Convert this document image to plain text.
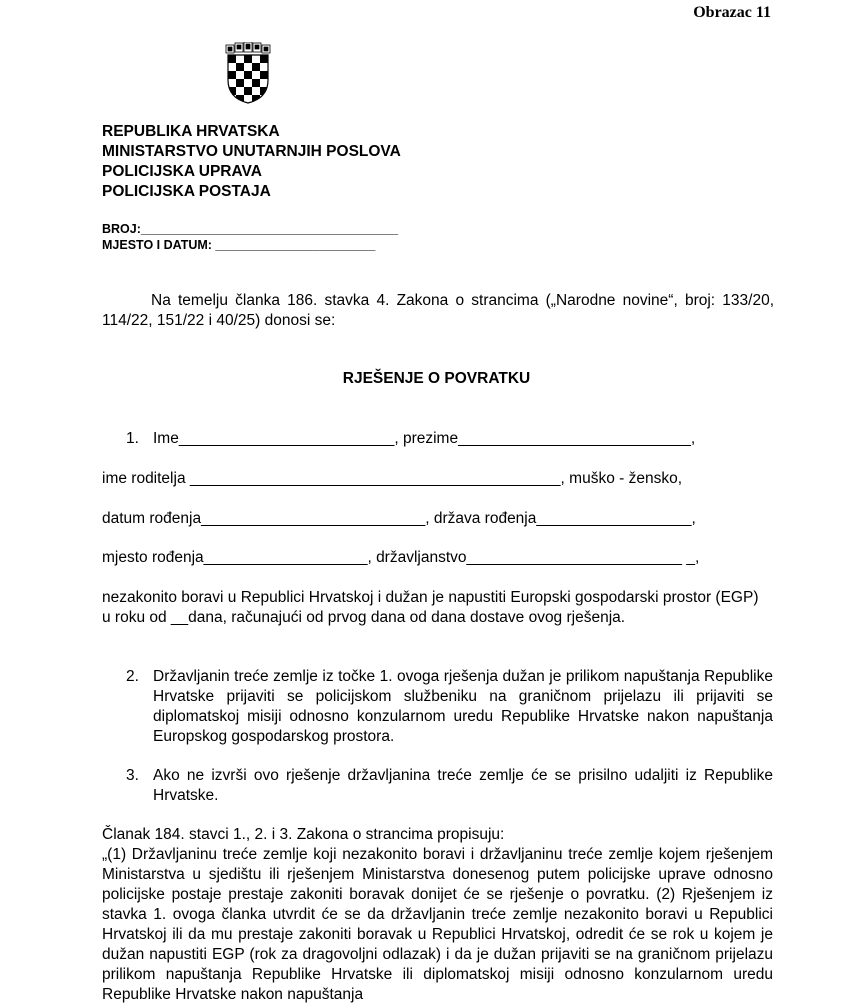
Obrazac 11
REPUBLIKA HRVATSKA
MINISTARSTVO UNUTARNJIH POSLOVA
POLICIJSKA UPRAVA
POLICIJSKA POSTAJA
BROJ:_____________________________________
MJESTO I DATUM: _______________________
Na temelju članka 186. stavka 4. Zakona o strancima („Narodne novine“, broj: 133/20, 114/22, 151/22 i 40/25) donosi se:
RJEŠENJE O POVRATKU
1. Ime_________________________, prezime___________________________,
ime roditelja ___________________________________________, muško - žensko,
datum rođenja__________________________, država rođenja__________________,
mjesto rođenja___________________, državljanstvo_________________________ _,
nezakonito boravi u Republici Hrvatskoj i dužan je napustiti Europski gospodarski prostor (EGP) u roku od __dana, računajući od prvog dana od dana dostave ovog rješenja.
2. Državljanin treće zemlje iz točke 1. ovoga rješenja dužan je prilikom napuštanja Republike Hrvatske prijaviti se policijskom službeniku na graničnom prijelazu ili prijaviti se diplomatskoj misiji odnosno konzularnom uredu Republike Hrvatske nakon napuštanja Europskog gospodarskog prostora.
3. Ako ne izvrši ovo rješenje državljanina treće zemlje će se prisilno udaljiti iz Republike Hrvatske.
Članak 184. stavci 1., 2. i 3. Zakona o strancima propisuju:
„(1) Državljaninu treće zemlje koji nezakonito boravi i državljaninu treće zemlje kojem rješenjem Ministarstva u sjedištu ili rješenjem Ministarstva donesenog putem policijske uprave odnosno policijske postaje prestaje zakoniti boravak donijet će se rješenje o povratku. (2) Rješenjem iz stavka 1. ovoga članka utvrdit će se da državljanin treće zemlje nezakonito boravi u Republici Hrvatskoj ili da mu prestaje zakoniti boravak u Republici Hrvatskoj, odredit će se rok u kojem je dužan napustiti EGP (rok za dragovoljni odlazak) i da je dužan prijaviti se na graničnom prijelazu prilikom napuštanja Republike Hrvatske ili diplomatskoj misiji odnosno konzularnom uredu Republike Hrvatske nakon napuštanja
